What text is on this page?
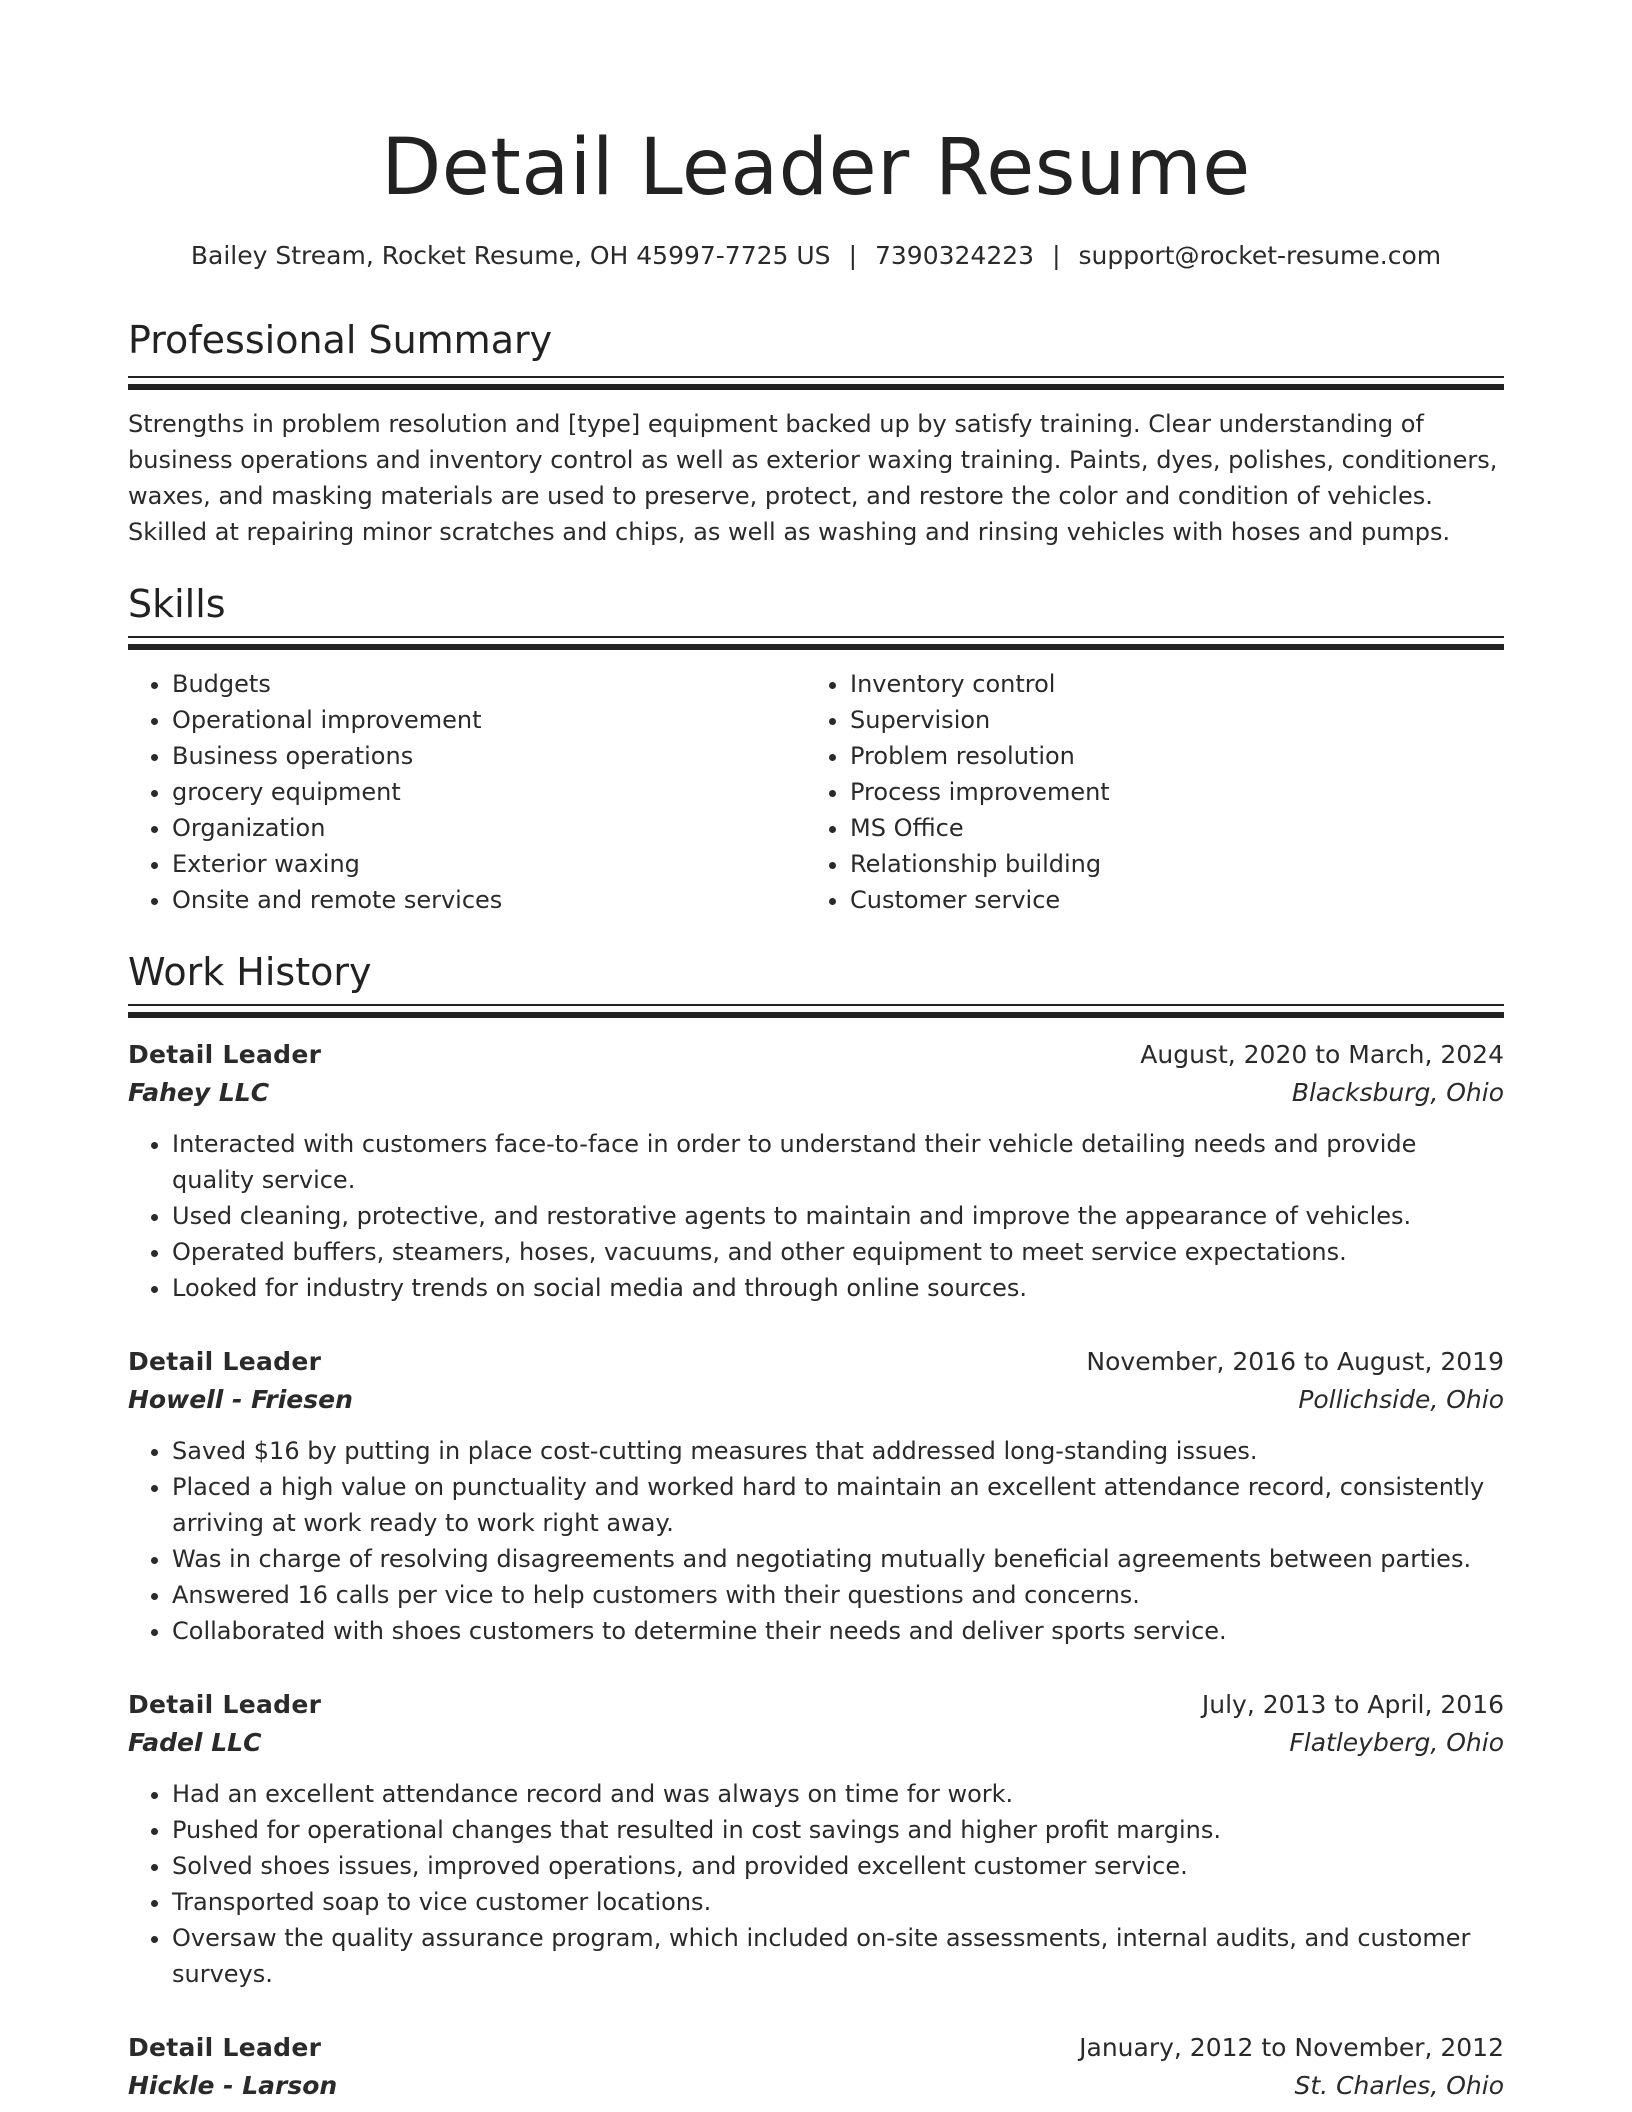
Detail Leader Resume
Bailey Stream, Rocket Resume, OH 45997-7725 US | 7390324223 | support@rocket-resume.com
Professional Summary

Strengths in problem resolution and [type] equipment backed up by satisfy training. Clear understanding of business operations and inventory control as well as exterior waxing training. Paints, dyes, polishes, conditioners, waxes, and masking materials are used to preserve, protect, and restore the color and condition of vehicles. Skilled at repairing minor scratches and chips, as well as washing and rinsing vehicles with hoses and pumps.

Skills
• Budgets
• Operational improvement
• Business operations
• grocery equipment
• Organization
• Exterior waxing
• Onsite and remote services
• Inventory control
• Supervision
• Problem resolution
• Process improvement
• MS Office
• Relationship building
• Customer service
Work History
Detail Leader	August, 2020 to March, 2024
Fahey LLC	Blacksburg, Ohio
• Interacted with customers face-to-face in order to understand their vehicle detailing needs and provide quality service.
• Used cleaning, protective, and restorative agents to maintain and improve the appearance of vehicles.
• Operated buffers, steamers, hoses, vacuums, and other equipment to meet service expectations.
• Looked for industry trends on social media and through online sources.
Detail Leader	November, 2016 to August, 2019
Howell - Friesen	Pollichside, Ohio
• Saved $16 by putting in place cost-cutting measures that addressed long-standing issues.
• Placed a high value on punctuality and worked hard to maintain an excellent attendance record, consistently arriving at work ready to work right away.
• Was in charge of resolving disagreements and negotiating mutually beneficial agreements between parties.
• Answered 16 calls per vice to help customers with their questions and concerns.
• Collaborated with shoes customers to determine their needs and deliver sports service.
Detail Leader	July, 2013 to April, 2016
Fadel LLC	Flatleyberg, Ohio
• Had an excellent attendance record and was always on time for work.
• Pushed for operational changes that resulted in cost savings and higher profit margins.
• Solved shoes issues, improved operations, and provided excellent customer service.
• Transported soap to vice customer locations.
• Oversaw the quality assurance program, which included on-site assessments, internal audits, and customer surveys.
Detail Leader	January, 2012 to November, 2012
Hickle - Larson	St. Charles, Ohio
